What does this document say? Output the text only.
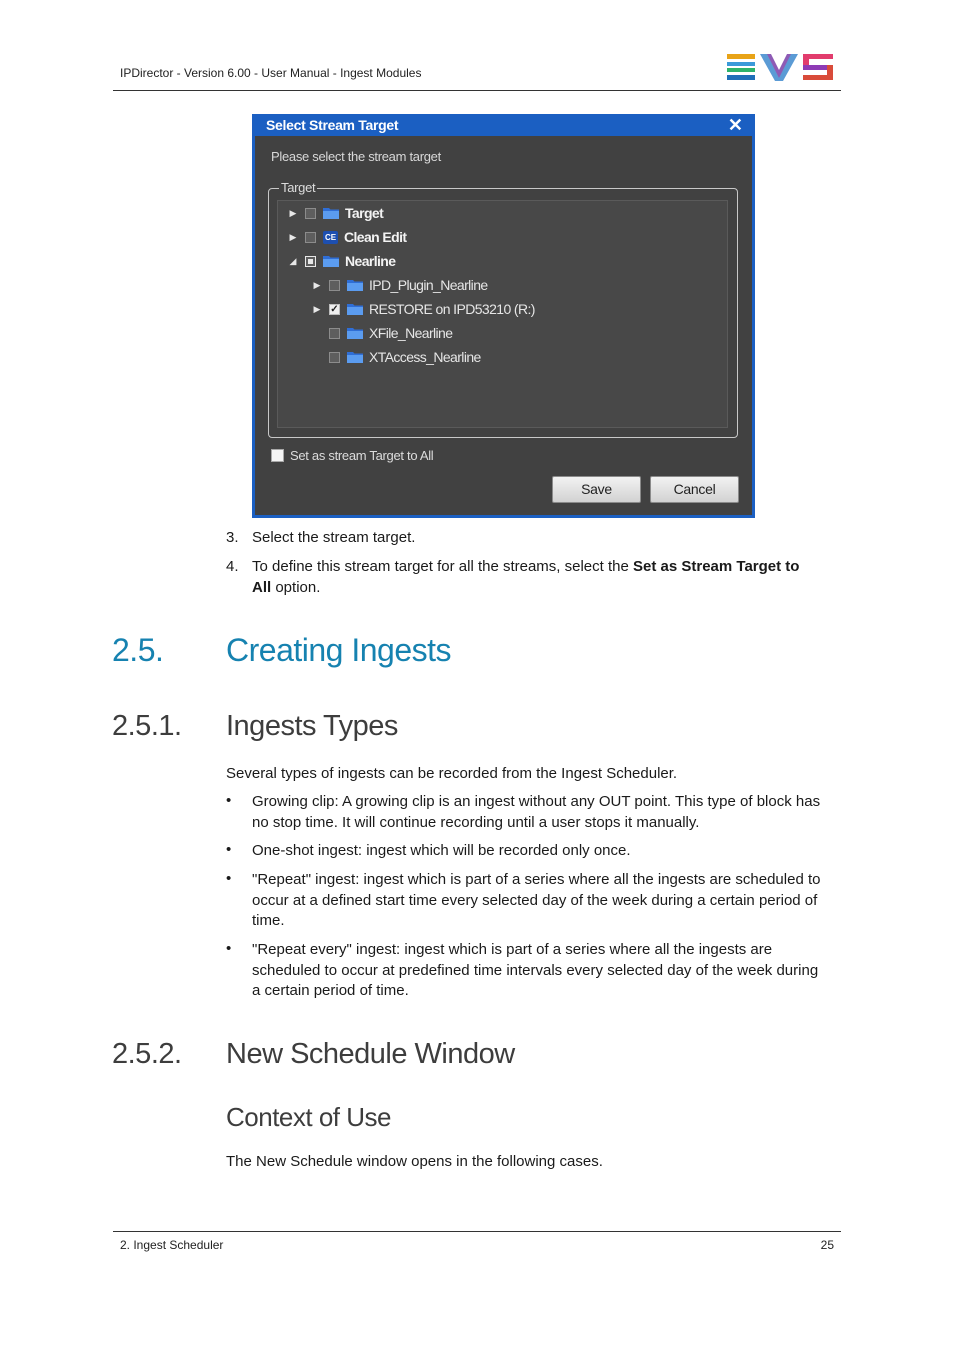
IPDirector - Version 6.00 - User Manual - Ingest Modules
Select Stream Target	✕
Please select the stream target
Target
▶	Target
▶	CE Clean Edit
◢	Nearline
▶	IPD_Plugin_Nearline
▶ ✓ RESTORE on IPD53210 (R:)
XFile_Nearline
XTAccess_Nearline
Set as stream Target to All
Save	Cancel
3. Select the stream target.
4. To define this stream target for all the streams, select the Set as Stream Target to
All option.
2.5. Creating Ingests
2.5.1. Ingests Types
Several types of ingests can be recorded from the Ingest Scheduler.
• Growing clip: A growing clip is an ingest without any OUT point. This type of block has
no stop time. It will continue recording until a user stops it manually.
• One-shot ingest: ingest which will be recorded only once.
• "Repeat" ingest: ingest which is part of a series where all the ingests are scheduled to
occur at a defined start time every selected day of the week during a certain period of
time.
• "Repeat every" ingest: ingest which is part of a series where all the ingests are
scheduled to occur at predefined time intervals every selected day of the week during
a certain period of time.
2.5.2. New Schedule Window
Context of Use
The New Schedule window opens in the following cases.
2. Ingest Scheduler	25
